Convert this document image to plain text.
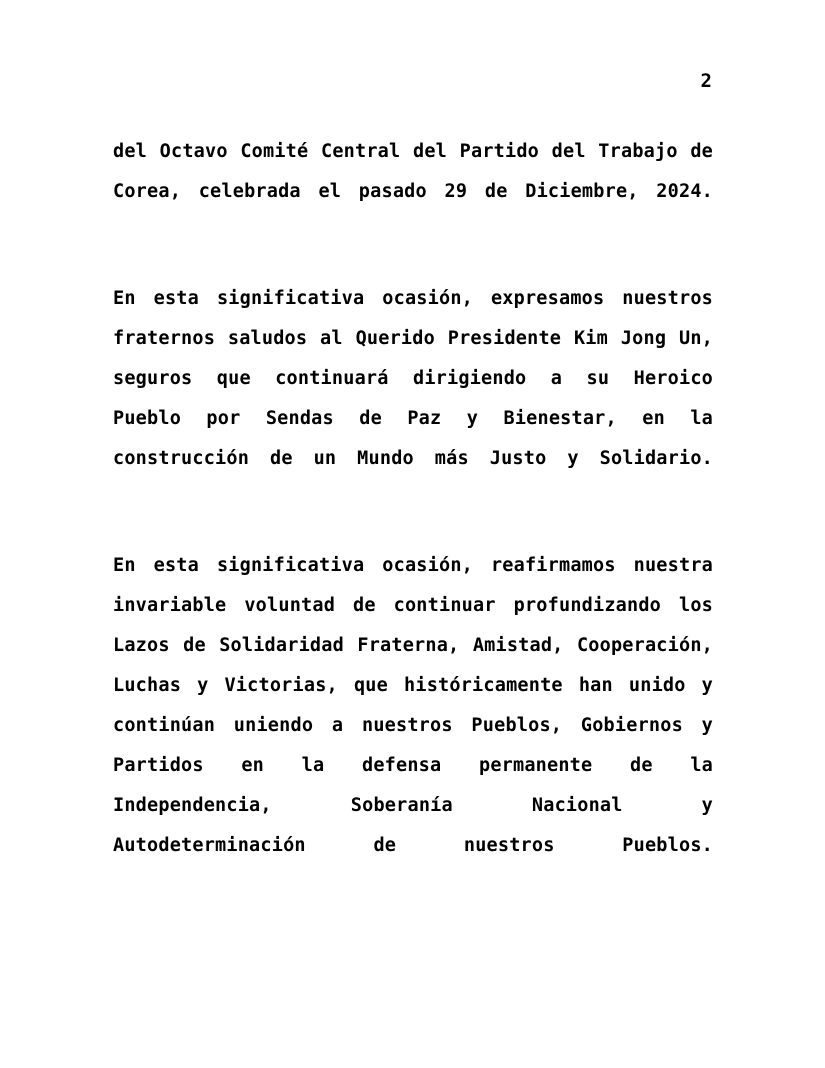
2

del Octavo Comité Central del Partido del Trabajo de Corea, celebrada el pasado 29 de Diciembre, 2024.

En esta significativa ocasión, expresamos nuestros fraternos saludos al Querido Presidente Kim Jong Un, seguros que continuará dirigiendo a su Heroico Pueblo por Sendas de Paz y Bienestar, en la construcción de un Mundo más Justo y Solidario.

En esta significativa ocasión, reafirmamos nuestra invariable voluntad de continuar profundizando los Lazos de Solidaridad Fraterna, Amistad, Cooperación, Luchas y Victorias, que históricamente han unido y continúan uniendo a nuestros Pueblos, Gobiernos y Partidos en la defensa permanente de la Independencia, Soberanía Nacional y Autodeterminación de nuestros Pueblos.
